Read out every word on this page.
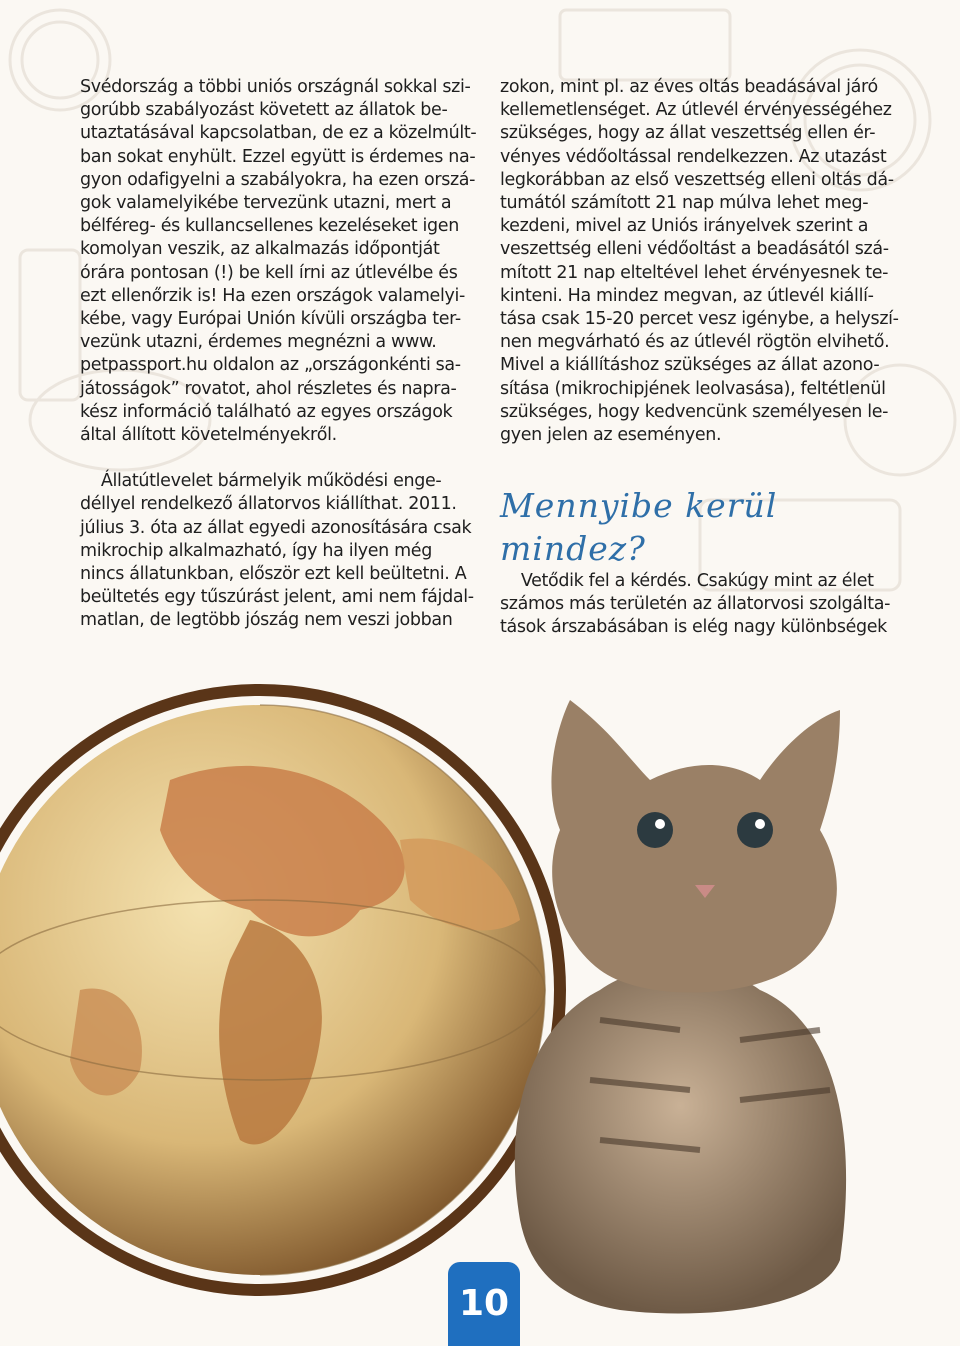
Svédország a többi uniós országnál sokkal szi-

gorúbb szabályozást követett az állatok be-

utaztatásával kapcsolatban, de ez a közelmúlt-

ban sokat enyhült. Ezzel együtt is érdemes na-

gyon odafigyelni a szabályokra, ha ezen orszá-

gok valamelyikébe tervezünk utazni, mert a

bélféreg- és kullancsellenes kezeléseket igen

komolyan veszik, az alkalmazás időpontját

órára pontosan (!) be kell írni az útlevélbe és

ezt ellenőrzik is! Ha ezen országok valamelyi-

kébe, vagy Európai Unión kívüli országba ter-

vezünk utazni, érdemes megnézni a www.

petpassport.hu oldalon az „országonkénti sa-

játosságok” rovatot, ahol részletes és napra-

kész információ található az egyes országok

által állított követelményekről.

Állatútlevelet bármelyik működési enge-

déllyel rendelkező állatorvos kiállíthat. 2011.

július 3. óta az állat egyedi azonosítására csak

mikrochip alkalmazható, így ha ilyen még

nincs állatunkban, először ezt kell beültetni. A

beültetés egy tűszúrást jelent, ami nem fájdal-

matlan, de legtöbb jószág nem veszi jobban

zokon, mint pl. az éves oltás beadásával járó

kellemetlenséget. Az útlevél érvényességéhez

szükséges, hogy az állat veszettség ellen ér-

vényes védőoltással rendelkezzen. Az utazást

legkorábban az első veszettség elleni oltás dá-

tumától számított 21 nap múlva lehet meg-

kezdeni, mivel az Uniós irányelvek szerint a

veszettség elleni védőoltást a beadásától szá-

mított 21 nap elteltével lehet érvényesnek te-

kinteni. Ha mindez megvan, az útlevél kiállí-

tása csak 15-20 percet vesz igénybe, a helyszí-

nen megvárható és az útlevél rögtön elvihető.

Mivel a kiállításhoz szükséges az állat azono-

sítása (mikrochipjének leolvasása), feltétlenül

szükséges, hogy kedvencünk személyesen le-

gyen jelen az eseményen.

Mennyibe kerül
mindez?

Vetődik fel a kérdés. Csakúgy mint az élet

számos más területén az állatorvosi szolgálta-

tások árszabásában is elég nagy különbségek

10
